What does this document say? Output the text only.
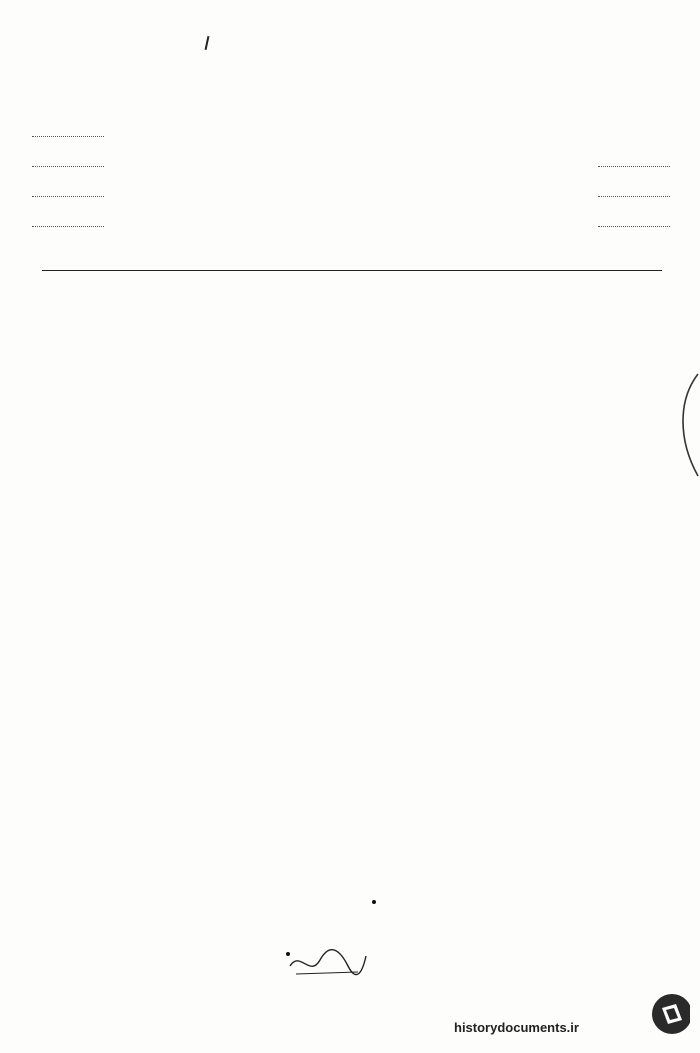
historydocuments.ir
